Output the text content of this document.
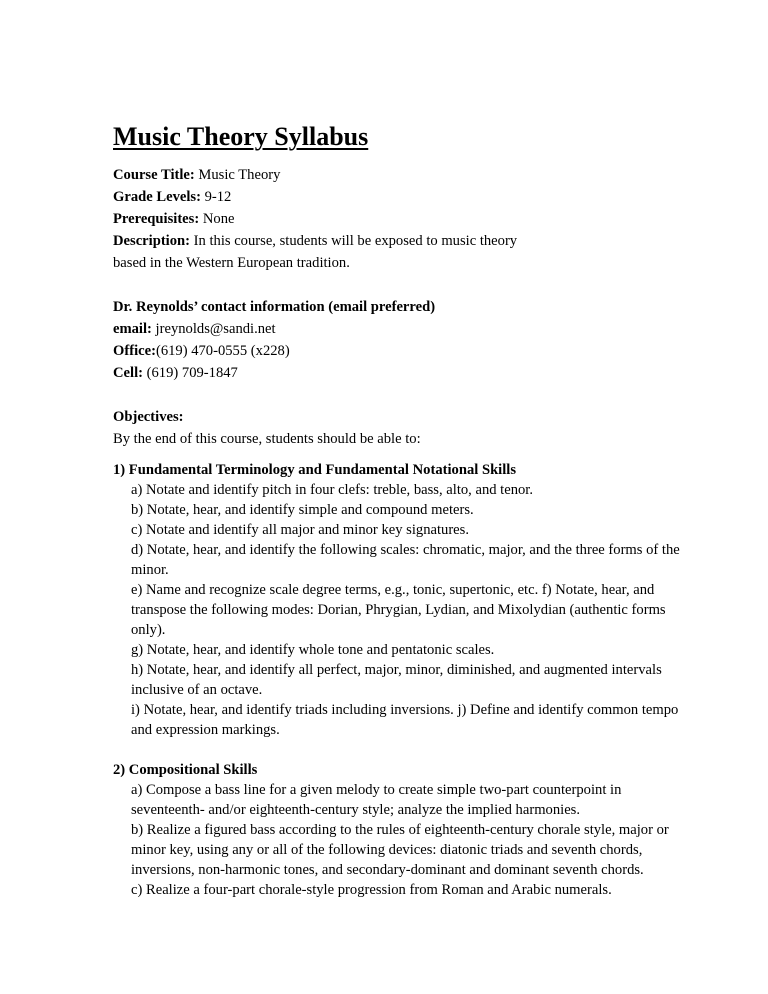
Music Theory Syllabus
Course Title: Music Theory
Grade Levels: 9-12
Prerequisites: None
Description: In this course, students will be exposed to music theory based in the Western European tradition.
Dr. Reynolds’ contact information (email preferred)
email: jreynolds@sandi.net
Office:(619) 470-0555 (x228)
Cell: (619) 709-1847
Objectives:
By the end of this course, students should be able to:
1) Fundamental Terminology and Fundamental Notational Skills
a) Notate and identify pitch in four clefs: treble, bass, alto, and tenor.
b) Notate, hear, and identify simple and compound meters.
c) Notate and identify all major and minor key signatures.
d) Notate, hear, and identify the following scales: chromatic, major, and the three forms of the minor.
e) Name and recognize scale degree terms, e.g., tonic, supertonic, etc. f) Notate, hear, and transpose the following modes: Dorian, Phrygian, Lydian, and Mixolydian (authentic forms only).
g) Notate, hear, and identify whole tone and pentatonic scales.
h) Notate, hear, and identify all perfect, major, minor, diminished, and augmented intervals inclusive of an octave.
i) Notate, hear, and identify triads including inversions. j) Define and identify common tempo and expression markings.
2) Compositional Skills
a) Compose a bass line for a given melody to create simple two-part counterpoint in seventeenth- and/or eighteenth-century style; analyze the implied harmonies.
b) Realize a figured bass according to the rules of eighteenth-century chorale style, major or minor key, using any or all of the following devices: diatonic triads and seventh chords, inversions, non-harmonic tones, and secondary-dominant and dominant seventh chords.
c) Realize a four-part chorale-style progression from Roman and Arabic numerals.
